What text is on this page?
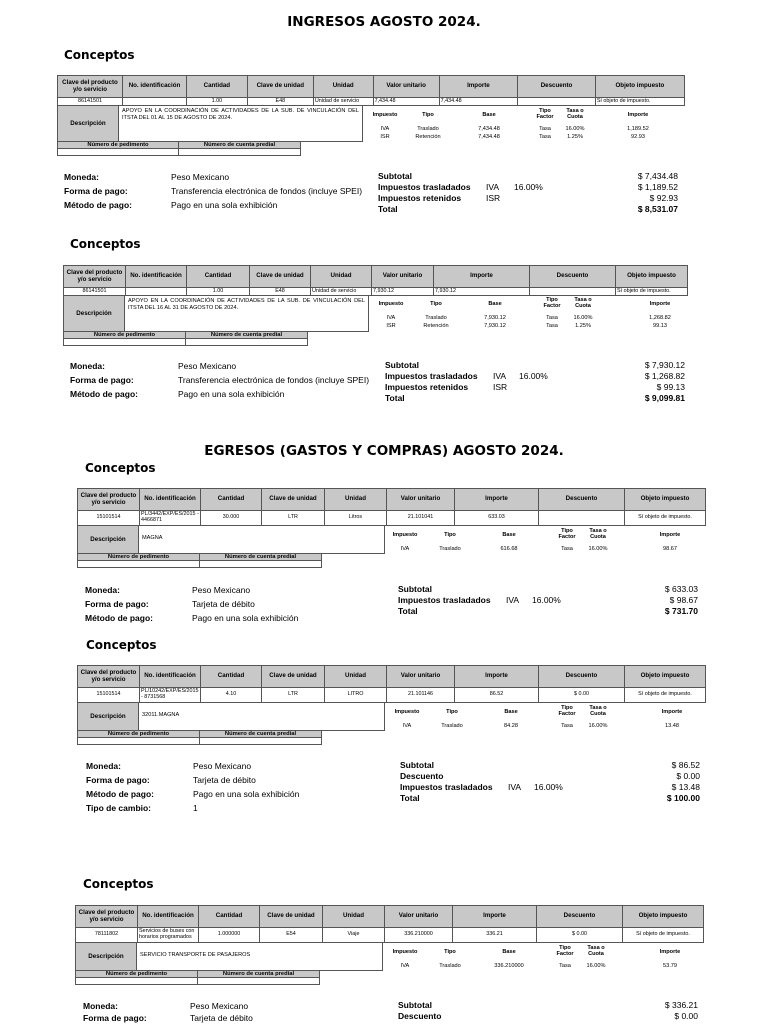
INGRESOS AGOSTO 2024.
EGRESOS (GASTOS Y COMPRAS) AGOSTO 2024.
Conceptos
Clave del producto y/o servicio	No. identificación	Cantidad	Clave de unidad	Unidad	Valor unitario	Importe	Descuento	Objeto impuesto
86141501		1.00	E48	Unidad de servicio	7,434.48	7,434.48		Sí objeto de impuesto.
Descripción
APOYO EN LA COORDINACIÓN DE ACTIVIDADES DE LA SUB. DE VINCULACIÓN DEL ITSTA DEL 01 AL 15 DE AGOSTO DE 2024.
Número de pedimento	Número de cuenta predial
Impuesto	Tipo	Base
Tipo Factor
Tasa o Cuota	Importe
IVA	Traslado	7,434.48	Tasa	16.00%	1,189.52
ISR	Retención	7,434.48	Tasa	1.25%	92.93
Moneda:	Peso Mexicano
Forma de pago:	Transferencia electrónica de fondos (incluye SPEI)
Método de pago:	Pago en una sola exhibición
Subtotal	$ 7,434.48
Impuestos trasladados IVA 16.00%	$ 1,189.52
Impuestos retenidos	ISR	$ 92.93
Total	$ 8,531.07
Conceptos
Clave del producto y/o servicio	No. identificación	Cantidad	Clave de unidad	Unidad	Valor unitario	Importe	Descuento	Objeto impuesto
86141501		1.00	E48	Unidad de servicio	7,930.12	7,930.12		Sí objeto de impuesto.
Descripción
APOYO EN LA COORDINACIÓN DE ACTIVIDADES DE LA SUB. DE VINCULACIÓN DEL ITSTA DEL 16 AL 31 DE AGOSTO DE 2024.
Número de pedimento	Número de cuenta predial
Impuesto	Tipo	Base
Tipo Factor
Tasa o Cuota	Importe
IVA	Traslado	7,930.12	Tasa	16.00%	1,268.82
ISR	Retención	7,930.12	Tasa	1.25%	99.13
Moneda:	Peso Mexicano
Forma de pago:	Transferencia electrónica de fondos (incluye SPEI)
Método de pago:	Pago en una sola exhibición
Subtotal	$ 7,930.12
Impuestos trasladados IVA 16.00%	$ 1,268.82
Impuestos retenidos	ISR	$ 99.13
Total	$ 9,099.81
Conceptos
Clave del producto y/o servicio	No. identificación	Cantidad	Clave de unidad	Unidad	Valor unitario	Importe	Descuento	Objeto impuesto
15101514	PL/3442/EXP/ES/2015 - 4466871	30.000	LTR	Litros	21.101041	633.03		Sí objeto de impuesto.
Descripción	MAGNA
Número de pedimento	Número de cuenta predial
Impuesto	Tipo	Base
Tipo Factor
Tasa o Cuota	Importe
IVA	Traslado	616.68	Tasa	16.00%	98.67
Moneda:	Peso Mexicano
Forma de pago:	Tarjeta de débito
Método de pago:	Pago en una sola exhibición
Subtotal	$ 633.03
Impuestos trasladados IVA 16.00%	$ 98.67
Total	$ 731.70
Conceptos
Clave del producto y/o servicio	No. identificación	Cantidad	Clave de unidad	Unidad	Valor unitario	Importe	Descuento	Objeto impuesto
15101514	PL/10242/EXP/ES/2015 - 8731568	4.10	LTR	LITRO	21.101146	86.52	$ 0.00	Sí objeto de impuesto.
Descripción	32011.MAGNA
Número de pedimento	Número de cuenta predial
Impuesto	Tipo	Base
Tipo Factor
Tasa o Cuota	Importe
IVA	Traslado	84.28	Tasa	16.00%	13.48
Moneda:	Peso Mexicano
Forma de pago:	Tarjeta de débito
Método de pago:	Pago en una sola exhibición
Tipo de cambio:	1
Subtotal	$ 86.52
Descuento	$ 0.00
Impuestos trasladados IVA 16.00%	$ 13.48
Total	$ 100.00
Conceptos
Clave del producto y/o servicio	No. identificación	Cantidad	Clave de unidad	Unidad	Valor unitario	Importe	Descuento	Objeto impuesto
78111802	Servicios de buses con horarios programados	1.000000	E54	Viaje	336.210000	336.21	$ 0.00	Sí objeto de impuesto.
Descripción	SERVICIO TRANSPORTE DE PASAJEROS
Número de pedimento	Número de cuenta predial
Impuesto	Tipo	Base
Tipo Factor
Tasa o Cuota	Importe
IVA	Traslado	336.210000	Tasa	16.00%	53.79
Moneda:	Peso Mexicano
Forma de pago:	Tarjeta de débito
Subtotal	$ 336.21
Descuento	$ 0.00
